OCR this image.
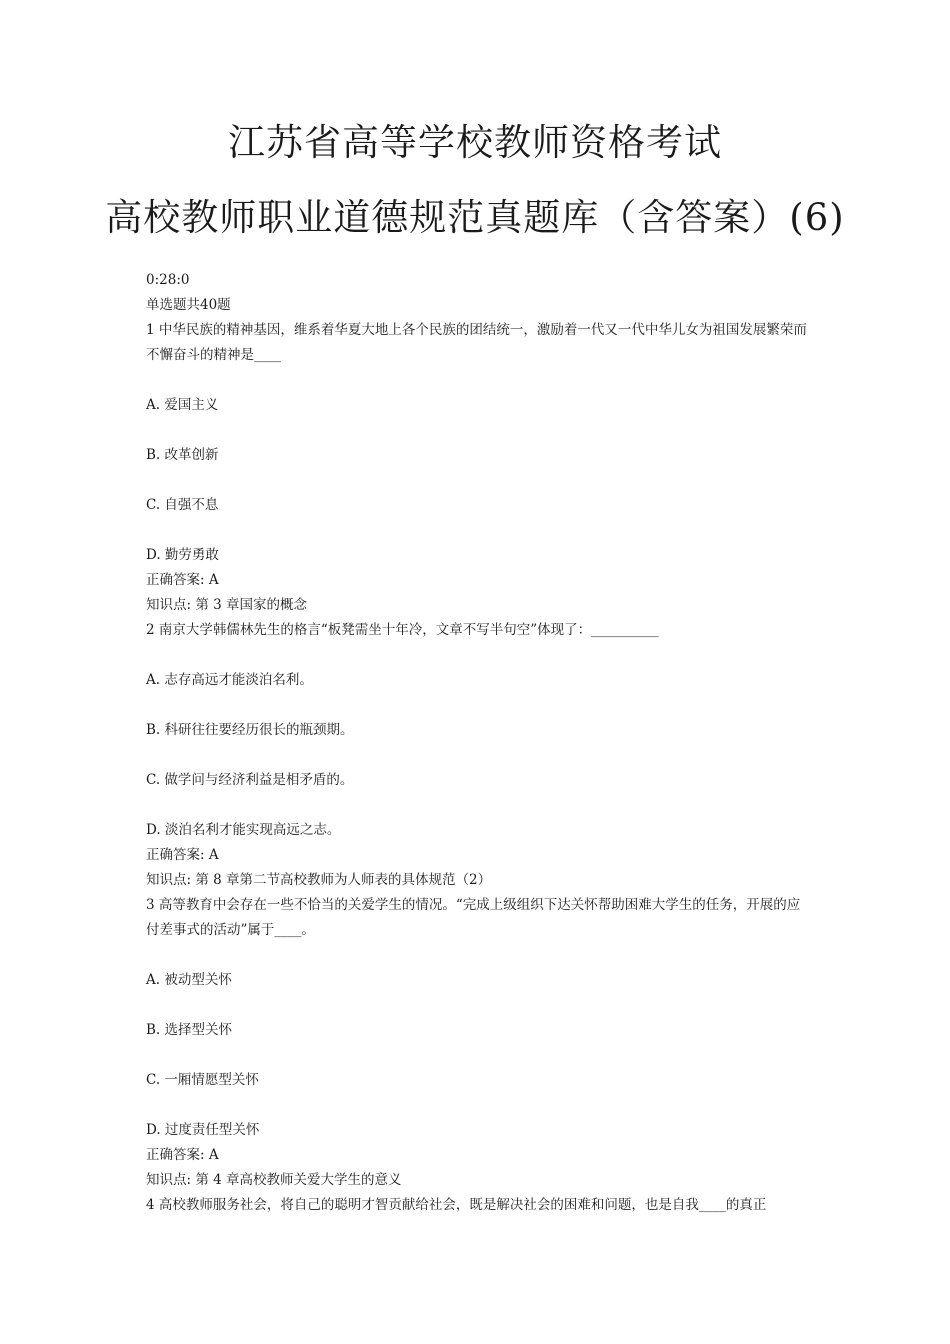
江苏省高等学校教师资格考试
高校教师职业道德规范真题库（含答案）(6)

0:28:0

单选题共40题

1 中华民族的精神基因，维系着华夏大地上各个民族的团结统一，激励着一代又一代中华儿女为祖国发展繁荣而不懈奋斗的精神是____

A. 爱国主义

B. 改革创新

C. 自强不息

D. 勤劳勇敢

正确答案: A

知识点: 第 3 章国家的概念

2 南京大学韩儒林先生的格言“板凳需坐十年冷，文章不写半句空”体现了：__________

A. 志存高远才能淡泊名利。

B. 科研往往要经历很长的瓶颈期。

C. 做学问与经济利益是相矛盾的。

D. 淡泊名利才能实现高远之志。

正确答案: A

知识点: 第 8 章第二节高校教师为人师表的具体规范（2）

3 高等教育中会存在一些不恰当的关爱学生的情况。“完成上级组织下达关怀帮助困难大学生的任务，开展的应付差事式的活动”属于____。

A. 被动型关怀

B. 选择型关怀

C. 一厢情愿型关怀

D. 过度责任型关怀

正确答案: A

知识点: 第 4 章高校教师关爱大学生的意义

4 高校教师服务社会，将自己的聪明才智贡献给社会，既是解决社会的困难和问题，也是自我____的真正
